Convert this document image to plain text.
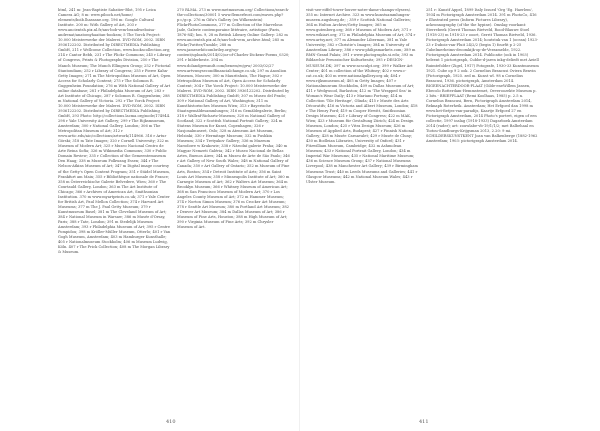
html, 241 m: Jean-Baptiste Sabatier-Blot, 195 r Leica Camera AG; 8 m: www.piboch.net/home/ elements/boib.lhassane.org. 196 m: Google Cultural Institute. 200 m: With Gallery of Art, 203 r www.ancientsh.pix.nl.fr/ans-bob-vem-brandiweboisa-andrenat/anatomyhaaitan-booksm; 5 The Yorck Project: 10.000 Meisterwerke der Malerei. DVD-ROM, 2002. ISBN 3936122202. Distributed by DIRECTMEDIA Publishing GmbH, 211 r Wellcome Collection, www.bookscollection.org; 214 r Cantor Bebb, 231 r The Flickr Commons; 245 r Library of Congress, Prints & Photographs Division, 250 r The Manch Museum; The Munch Ellingsen Group; 252 r Pictorial Stantondiam; 252 r Library of Congress; 255 r Pierre Kahn-Getty Images; 271 m The Metropolitan Museum of Art, Open Access for Scholarly Content; 275 r The Solomon R. Guggenheim Foundation; 276 m With National Gallery of Art online database; 281 r Philadelphia Museum of Art; 283 r Art Institute of Chicago, 287 r Solomon R. Guggenheim; 288 m National Gallery of Victoria. 292 r The Yorck Project: 10.000 Meisterwerke der Malerei. DVD-ROM, 2002. ISBN 3936122202. Distributed by DIRECTMEDIA Publishing GmbH, 293 Photo: http://collections.lacma.org/node/174944. 298 r Yale University Art Gallery; 299 r The Rijksmuseum, Amsterdam; 300 r National Gallery, London; 306 m The Metropolitan Museum of Art; 312 r www.artic.edu/aic/collections/artwork/114966. 316 r Artur Görski; 318 m Tate Images; 320 r Cornell University; 322 m Museum of Modern Art; 325 r Museo Nacional Centro de Arte Reina Sofía; 326 m Wikimedia Commons; 330 r Public Domain Review; 335 r Collection of the Gemeentemuseum Den Haag; 338 m Museum Folkwang Essen; 344 r The Nelson-Atkins Museum of Art; 347 m Digital image courtesy of the Getty's Open Content Program; 351 r Städel Museum, Frankfurt am Main; 355 r Bibliothèque nationale de France; 358 m Österreichische Galerie Belvedere, Wien; 360 r The Courtauld Gallery, London; 363 m The Art Institute of Chicago; 366 r Archives of American Art, Smithsonian Institution. 370 m www.myartprints.co.uk; 371 r Yale Center for British Art, Paul Mellon Collection; 374 r Harvard Art Museums; 377 m The J. Paul Getty Museum; 379 r Kunstmuseum Basel; 381 m The Cleveland Museum of Art; 384 r National Museum in Warsaw; 386 m Musée d'Orsay, Paris; 388 r Tate, London; 391 m Stedelijk Museum Amsterdam; 393 r Philadelphia Museum of Art; 395 r Centre Pompidou; 398 m Kröller-Müller Museum, Otterlo; 401 r Van Gogh Museum, Amsterdam; 403 m Hamburger Kunsthalle; 405 r Nationalmuseum Stockholm; 406 m Museum Ludwig, Köln. 407 r The Frick Collection; 408 m The Morgan Library & Museum.

270 RLMA. 273 m www.metmuseum.org/ Collections/search-the-collections/30001 5 www.flemerfrost.com/waves.php?p=/g=p. 276 m Gifu's Gallery (ex Wilkenstein) FlickrPhotoCommons, 277 m Collection of the Marvelous Jade, Galerie contemporaine littéraire, artistique (Paris, 1876-84); hm. 9, 28 m British Library Online Gallery: 282 m www.ancientsh.pix.nl.fr/ans-bob-vem_archive.html; 285 m Flickr/Twitter/Tumblr; 288 m www.jameswhitcombriley.org/wp-content/uploads/2014/02/oz-of-Charles-Dickens-Poems_0320; 291 r bilderbeste. 294 m www.dolandgewandt.com/benem/w/grw/ 2003/02/27 www.artvsmysecondfinancialchange.co.uk; 297 m Anoulion Museum, Moscow; 300 m Mauritshuis, The Hague; 302 r Metropolitan Museum of Art, Open Access for Scholarly Content; 304 r The Yorck Project: 10.000 Meisterwerke der Malerei. DVD-ROM, 2002. ISBN 3936122202. Distributed by DIRECTMEDIA Publishing GmbH; 307 m Museo del Prado; 309 r National Gallery of Art, Washington; 311 m Kunsthistorisches Museum Wien; 313 r Bayerische Staatsgemäldesammlungen; 316 m Gemäldegalerie, Berlin; 318 r Wallraf-Richartz-Museum; 320 m National Gallery of Scotland; 322 r Scottish National Portrait Gallery; 324 m Statens Museum for Kunst, Copenhagen; 326 r Nasjonalmuseet, Oslo; 328 m Ateneum Art Museum, Helsinki; 330 r Hermitage Museum; 332 m Pushkin Museum; 334 r Tretyakov Gallery; 336 m Muzeum Narodowe w Krakowie; 338 r Národní galerie Praha; 340 m Magyar Nemzeti Galéria; 342 r Museo Nacional de Bellas Artes, Buenos Aires; 344 m Museu de Arte de São Paulo; 346 r Art Gallery of New South Wales; 348 m National Gallery of Canada; 350 r Art Gallery of Ontario; 352 m Museum of Fine Arts, Boston; 354 r Detroit Institute of Arts; 356 m Saint Louis Art Museum; 358 r Minneapolis Institute of Art; 360 m Carnegie Museum of Art; 362 r Walters Art Museum; 364 m Brooklyn Museum; 366 r Whitney Museum of American Art; 368 m San Francisco Museum of Modern Art; 370 r Los Angeles County Museum of Art; 372 m Hammer Museum; 374 r Norton Simon Museum; 376 m Crocker Art Museum; 378 r Seattle Art Museum; 380 m Portland Art Museum; 382 r Denver Art Museum; 384 m Dallas Museum of Art; 386 r Museum of Fine Arts, Houston; 388 m High Museum of Art; 390 r Virginia Museum of Fine Arts; 392 m Chrysler Museum of Art.

visit-see-eiffel-tower-louvre-notre-dame-champs-elysees/. 355 m: Internet Archive. 323 m www.kunstsammlungen-museen.augsburg.de; ; 359 r Scottish National Galleries; 364 m Hulton Archive/Getty Images; 365 m www.gutenberg.org; 368 r Museum of Modern Art; 371 r www.wikiart.org; 372 m Philadelphia Museum of Art; 374 r www.artsy.net; 377 m Alexander Liberman, 381 m Yale University; 382 r Christie's Images; 384 m University of Amsterdam Library; 386 r www.philipsmarkets.com; 389 m RMN-Grand Palais; 391 r www.photographs.si.edu; 393 m Bildarchiv Preussischer Kulturbesitz; 395 r DESIGN-MUSEUM.DK; 397 m www.ncsculpt.org; 399 r Walker Art Center; 401 m collection of the Whitney; 402 r www.c-cat.co.uk; 403 m www.nationalgallery.org.uk; 404 r www.rijksmuseum.nl; 405 m Getty Images; 407 r Nationalmuseum Stockholm, 409 m Dallas Museum of Art; 411 r Wedgwood, Barlaston; 412 m 'The Wrapped Sea' in Woman's Wear Daily; 413 r Mariano Fortuny; 414 m Collection 'Tile Heritage', Olinda; 415 r Musée des Arts Décoratifs; 416 m Victoria and Albert Museum, London; 418 r The Henry Ford; 419 m Cooper Hewitt, Smithsonian Design Museum; 421 r Library of Congress; 422 m MAK, Wien; 423 r Museum für Gestaltung Zürich; 424 m Design Museum, London; 425 r Vitra Design Museum; 426 m Museum of Applied Arts, Budapest; 427 r Finnish National Gallery; 428 m Musée Carnavalet; 429 r Musée de Cluny; 430 m Bodleian Libraries, University of Oxford; 431 r Fitzwilliam Museum, Cambridge; 432 m Ashmolean Museum; 433 r National Portrait Gallery, London; 434 m Imperial War Museums; 435 r National Maritime Museum; 436 m Science Museum Group; 437 r National Museums Liverpool; 438 m Manchester Art Gallery; 439 r Birmingham Museums Trust; 440 m Leeds Museums and Galleries; 441 r Glasgow Museums; 442 m National Museum Wales; 443 r Ulster Museum.

251 r: Kunstf Appel, 1899 Italy Issued 'Org 'Eg. Haerlem', 1934 m Pictorigraph Amsterdam 2014. 391 m PhotoCo, 416 r Illustrated press (Inform Pictures Library), ackronnography (of the the hypine). Omslag voorkant: Sterrebeek (Gerrit Thomas Rietveld, Rood-Blauwe Stoel (1918-23) m 1918-23 r ooort, Gerrit Thomas Rietveld, 1936. Pictorigraph Amsterdam 2014; houtstuk van 1 (ocean) 1923-23 r Dubois-van-Fluit 24/2/2 (begin 1) fourfit p 2-25 Cubelmerheims-droomkijk-op-de-Verzamelde, 1922. Pictorigraph Amsterdam 2014. Publicatie (ook in 1903) heleent 1 pictorigraph, Cubbe-d-jaren inkg-deliedt met Aeiell Ruimtefolder (Zigel, 1917) Fotografe, 1930-33 Kunstmuseum 1921. Cube op 9 2 ook. 2 Cornelius Brancusi Oviera Benvin (Pictorigraph, 1925. zed m. Kunst wl. 98 n Cornelius Brancusi, 1936. pictorigraph, Amsterdam 2014. BIGEENACHTERDOOR-PLAAT (Gilde-eneWillem Jansen, Ebecolo Rotterdam-Hemmstemet, Oeveroozekte Museum p. 2 bits.- BRIEFPLAAT (Remi Koolhaas, 1985) p. 2.5 n. Cornelius Brancusi, Bern, Pictorigraph Amsterdam 2014, Reknaph Roterheik. Amsterdam; Het Erfgoed dan 1998 m www.het-fietjes-van-paradijs, Kaartje Erfgoed 27 en Pictorigraph Amsterdam, 2014 Photo's portret, eigen of een collectie, 1997 inslag (1918-1933) Dagarboek Amsterdam 2014 (vader); art: zouwlabe-vb-19/1/1/2; met Balbehaal en Tiotou-Sandburgs-Krijgsman 2013, 2.20: 9 mi. SCHILDERSKUNSTKENT Joan van Balkenberge (1882-1962 Amsterdam; 1903: pictorigraph Amsterdam 2014.

410	411
